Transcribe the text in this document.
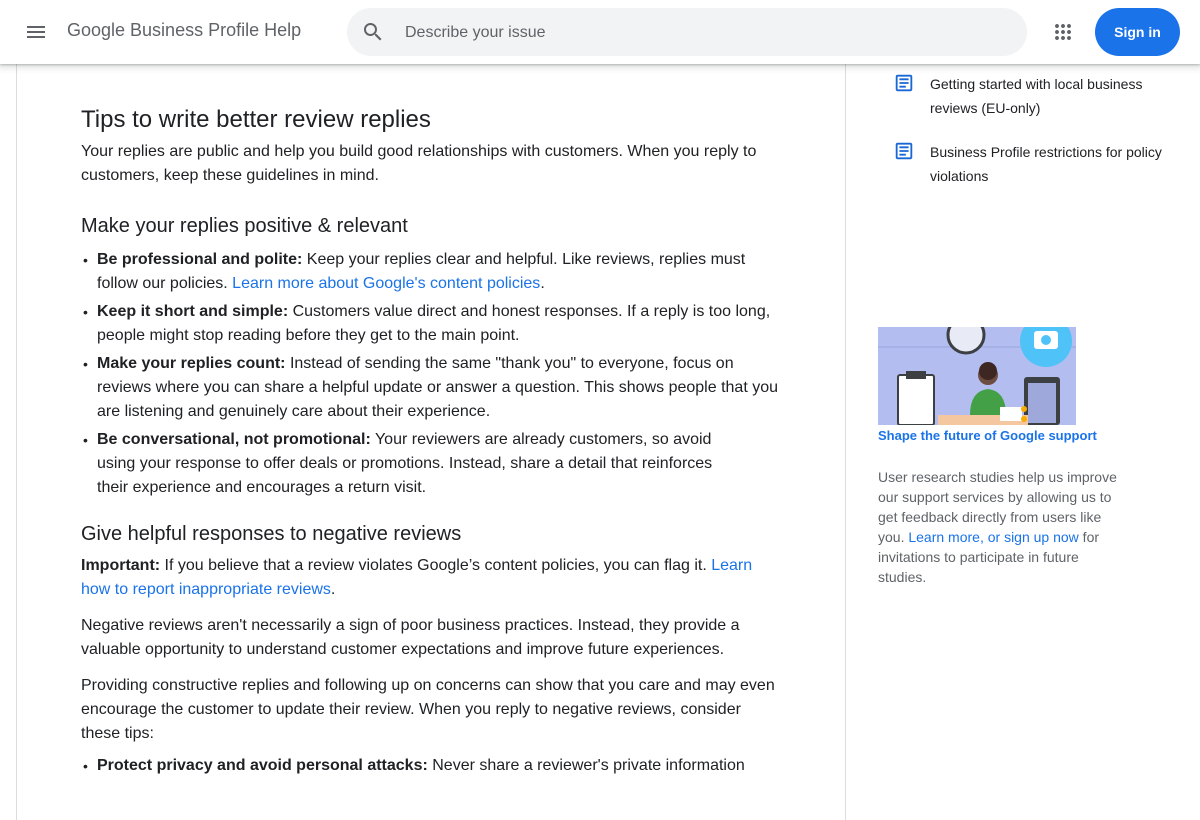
Tips to write better review replies

Your replies are public and help you build good relationships with customers. When you reply to customers, keep these guidelines in mind.

Make your replies positive & relevant
• Be professional and polite: Keep your replies clear and helpful. Like reviews, replies must follow our policies. Learn more about Google's content policies.
• Keep it short and simple: Customers value direct and honest responses. If a reply is too long, people might stop reading before they get to the main point.
• Make your replies count: Instead of sending the same "thank you" to everyone, focus on reviews where you can share a helpful update or answer a question. This shows people that you are listening and genuinely care about their experience.
• Be conversational, not promotional: Your reviewers are already customers, so avoid using your response to offer deals or promotions. Instead, share a detail that reinforces their experience and encourages a return visit.
Give helpful responses to negative reviews

Important: If you believe that a review violates Google’s content policies, you can flag it. Learn how to report inappropriate reviews.

Negative reviews aren't necessarily a sign of poor business practices. Instead, they provide a valuable opportunity to understand customer expectations and improve future experiences.

Providing constructive replies and following up on concerns can show that you care and may even encourage the customer to update their review. When you reply to negative reviews, consider these tips:

• Protect privacy and avoid personal attacks: Never share a reviewer's private information
Getting started with local business reviews (EU-only)
Business Profile restrictions for policy violations
Shape the future of Google support
User research studies help us improve our support services by allowing us to get feedback directly from users like you. Learn more, or sign up now for invitations to participate in future studies.
Google Business Profile Help
Describe your issue	Sign in
